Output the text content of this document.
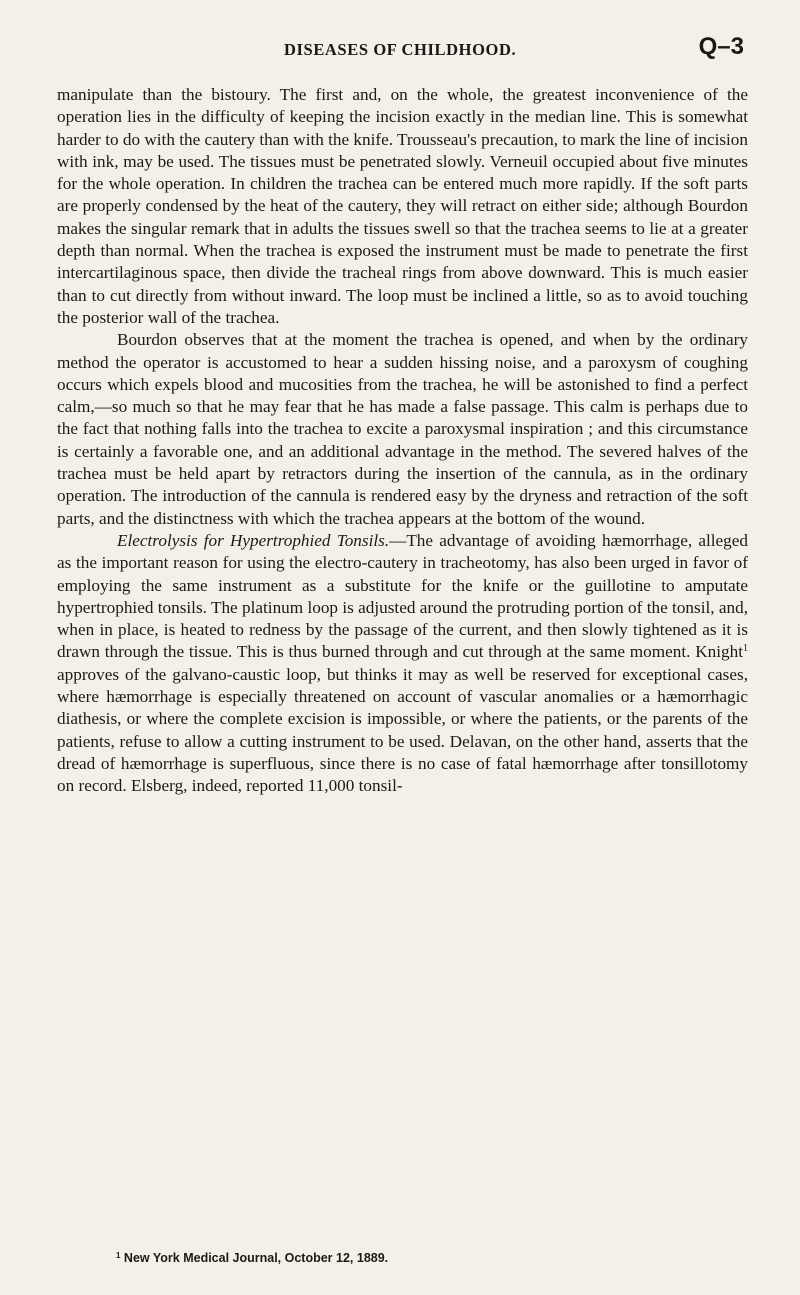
DISEASES OF CHILDHOOD.	Q–3

manipulate than the bistoury. The first and, on the whole, the greatest inconvenience of the operation lies in the difficulty of keeping the incision exactly in the median line. This is somewhat harder to do with the cautery than with the knife. Trousseau's precaution, to mark the line of incision with ink, may be used. The tissues must be penetrated slowly. Verneuil occupied about five minutes for the whole operation. In children the trachea can be entered much more rapidly. If the soft parts are properly condensed by the heat of the cautery, they will retract on either side; although Bourdon makes the singular remark that in adults the tissues swell so that the trachea seems to lie at a greater depth than normal. When the trachea is exposed the instrument must be made to penetrate the first intercartilaginous space, then divide the tracheal rings from above downward. This is much easier than to cut directly from without inward. The loop must be inclined a little, so as to avoid touching the posterior wall of the trachea.

Bourdon observes that at the moment the trachea is opened, and when by the ordinary method the operator is accustomed to hear a sudden hissing noise, and a paroxysm of coughing occurs which expels blood and mucosities from the trachea, he will be astonished to find a perfect calm,—so much so that he may fear that he has made a false passage. This calm is perhaps due to the fact that nothing falls into the trachea to excite a paroxysmal inspiration ; and this circumstance is certainly a favorable one, and an additional advantage in the method. The severed halves of the trachea must be held apart by retractors during the insertion of the cannula, as in the ordinary operation. The introduction of the cannula is rendered easy by the dryness and retraction of the soft parts, and the distinctness with which the trachea appears at the bottom of the wound.

Electrolysis for Hypertrophied Tonsils.—The advantage of avoiding hæmorrhage, alleged as the important reason for using the electro-cautery in tracheotomy, has also been urged in favor of employing the same instrument as a substitute for the knife or the guillotine to amputate hypertrophied tonsils. The platinum loop is adjusted around the protruding portion of the tonsil, and, when in place, is heated to redness by the passage of the current, and then slowly tightened as it is drawn through the tissue. This is thus burned through and cut through at the same moment. Knight$^1$ approves of the galvano-caustic loop, but thinks it may as well be reserved for exceptional cases, where hæmorrhage is especially threatened on account of vascular anomalies or a hæmorrhagic diathesis, or where the complete excision is impossible, or where the patients, or the parents of the patients, refuse to allow a cutting instrument to be used. Delavan, on the other hand, asserts that the dread of hæmorrhage is superfluous, since there is no case of fatal hæmorrhage after tonsillotomy on record. Elsberg, indeed, reported 11,000 tonsil-

$^1$ New York Medical Journal, October 12, 1889.
